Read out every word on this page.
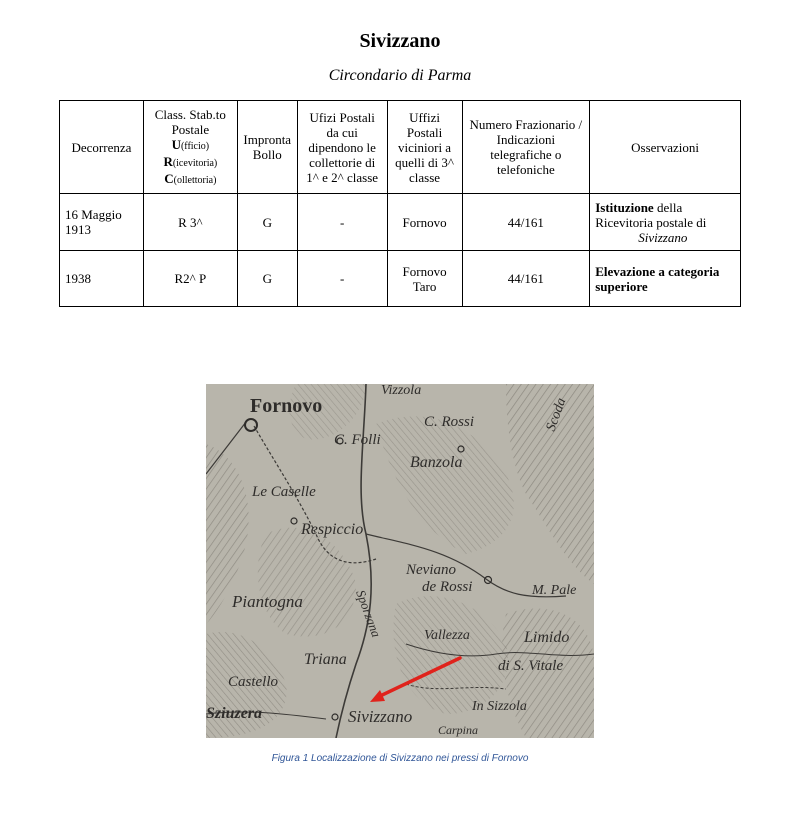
Sivizzano
Circondario di Parma
Decorrenza	Class. Stab.to Postale
U(fficio)
R(icevitoria)
C(ollettoria)	Impronta Bollo	Ufizi Postali da cui dipendono le collettorie di 1^ e 2^ classe	Uffizi Postali viciniori a quelli di 3^ classe	Numero Frazionario / Indicazioni telegrafiche o telefoniche	Osservazioni
16 Maggio 1913	R 3^	G	-	Fornovo	44/161	Istituzione della Ricevitoria postale di
Sivizzano
1938	R2^ P	G	-	Fornovo Taro	44/161	Elevazione a categoria superiore
Fornovo
Vizzola
C. Rossi
Banzola
C. Folli
Le Caselle
Respiccio
Neviano
de Rossi
Piantogna	Sporzana	Vallezza	Limido
di S. Vitale
M. Pale
Triana
Castello
Sivizzano
In Sizzola
Sziuzera
Carpina
Scoda
Figura 1 Localizzazione di Sivizzano nei pressi di Fornovo
